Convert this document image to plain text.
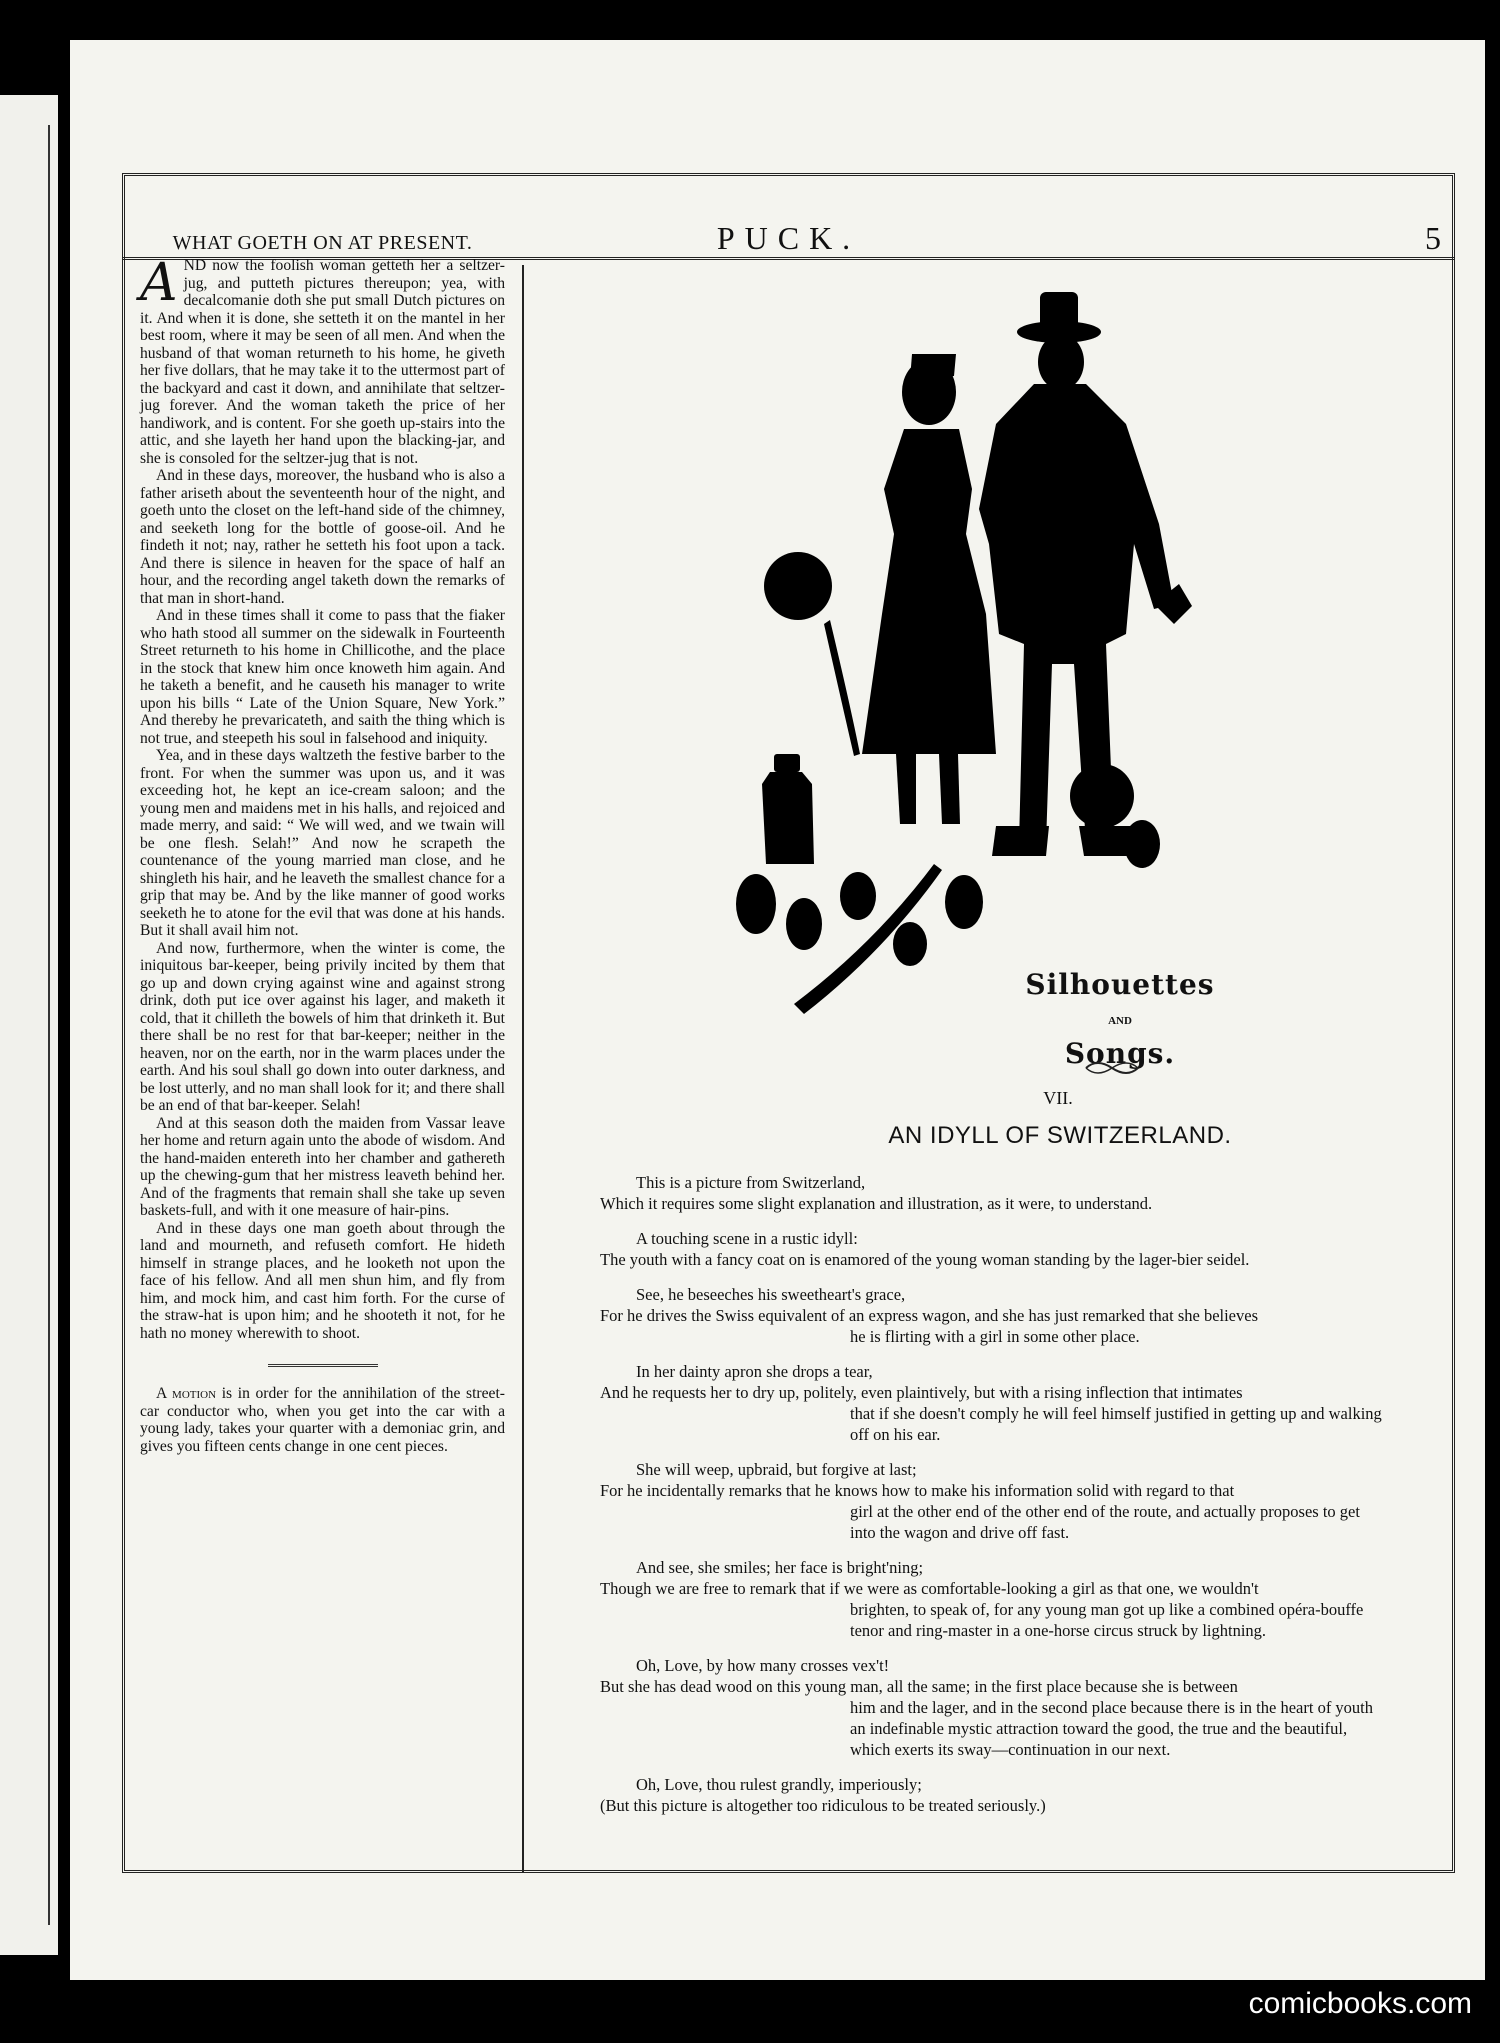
PUCK.	5
WHAT GOETH ON AT PRESENT.

AND now the foolish woman getteth her a seltzer-jug, and putteth pictures thereupon; yea, with decalcomanie doth she put small Dutch pictures on it. And when it is done, she setteth it on the mantel in her best room, where it may be seen of all men. And when the husband of that woman returneth to his home, he giveth her five dollars, that he may take it to the uttermost part of the backyard and cast it down, and annihilate that seltzer-jug forever. And the woman taketh the price of her handiwork, and is content. For she goeth up-stairs into the attic, and she layeth her hand upon the blacking-jar, and she is consoled for the seltzer-jug that is not.

And in these days, moreover, the husband who is also a father ariseth about the seventeenth hour of the night, and goeth unto the closet on the left-hand side of the chimney, and seeketh long for the bottle of goose-oil. And he findeth it not; nay, rather he setteth his foot upon a tack. And there is silence in heaven for the space of half an hour, and the recording angel taketh down the remarks of that man in short-hand.

And in these times shall it come to pass that the fiaker who hath stood all summer on the sidewalk in Fourteenth Street returneth to his home in Chillicothe, and the place in the stock that knew him once knoweth him again. And he taketh a benefit, and he causeth his manager to write upon his bills “ Late of the Union Square, New York.” And thereby he prevaricateth, and saith the thing which is not true, and steepeth his soul in falsehood and iniquity.

Yea, and in these days waltzeth the festive barber to the front. For when the summer was upon us, and it was exceeding hot, he kept an ice-cream saloon; and the young men and maidens met in his halls, and rejoiced and made merry, and said: “ We will wed, and we twain will be one flesh. Selah!” And now he scrapeth the countenance of the young married man close, and he shingleth his hair, and he leaveth the smallest chance for a grip that may be. And by the like manner of good works seeketh he to atone for the evil that was done at his hands. But it shall avail him not.

And now, furthermore, when the winter is come, the iniquitous bar-keeper, being privily incited by them that go up and down crying against wine and against strong drink, doth put ice over against his lager, and maketh it cold, that it chilleth the bowels of him that drinketh it. But there shall be no rest for that bar-keeper; neither in the heaven, nor on the earth, nor in the warm places under the earth. And his soul shall go down into outer darkness, and be lost utterly, and no man shall look for it; and there shall be an end of that bar-keeper. Selah!

And at this season doth the maiden from Vassar leave her home and return again unto the abode of wisdom. And the hand-maiden entereth into her chamber and gathereth up the chewing-gum that her mistress leaveth behind her. And of the fragments that remain shall she take up seven baskets-full, and with it one measure of hair-pins.

And in these days one man goeth about through the land and mourneth, and refuseth comfort. He hideth himself in strange places, and he looketh not upon the face of his fellow. And all men shun him, and fly from him, and mock him, and cast him forth. For the curse of the straw-hat is upon him; and he shooteth it not, for he hath no money wherewith to shoot.

A motion is in order for the annihilation of the street-car conductor who, when you get into the car with a young lady, takes your quarter with a demoniac grin, and gives you fifteen cents change in one cent pieces.

Silhouettes
AND
Songs.
VII.
AN IDYLL OF SWITZERLAND.
This is a picture from Switzerland,
Which it requires some slight explanation and illustration, as it were, to understand.
A touching scene in a rustic idyll:
The youth with a fancy coat on is enamored of the young woman standing by the lager-bier seidel.
See, he beseeches his sweetheart's grace,
For he drives the Swiss equivalent of an express wagon, and she has just remarked that she believes
he is flirting with a girl in some other place.
In her dainty apron she drops a tear,
And he requests her to dry up, politely, even plaintively, but with a rising inflection that intimates
that if she doesn't comply he will feel himself justified in getting up and walking off on his ear.
She will weep, upbraid, but forgive at last;
For he incidentally remarks that he knows how to make his information solid with regard to that
girl at the other end of the other end of the route, and actually proposes to get into the wagon and drive off fast.
And see, she smiles; her face is bright'ning;
Though we are free to remark that if we were as comfortable-looking a girl as that one, we wouldn't
brighten, to speak of, for any young man got up like a combined opéra-bouffe tenor and ring-master in a one-horse circus struck by lightning.
Oh, Love, by how many crosses vex't!
But she has dead wood on this young man, all the same; in the first place because she is between
him and the lager, and in the second place because there is in the heart of youth an indefinable mystic attraction toward the good, the true and the beautiful, which exerts its sway—continuation in our next.
Oh, Love, thou rulest grandly, imperiously;
(But this picture is altogether too ridiculous to be treated seriously.)
comicbooks.com
